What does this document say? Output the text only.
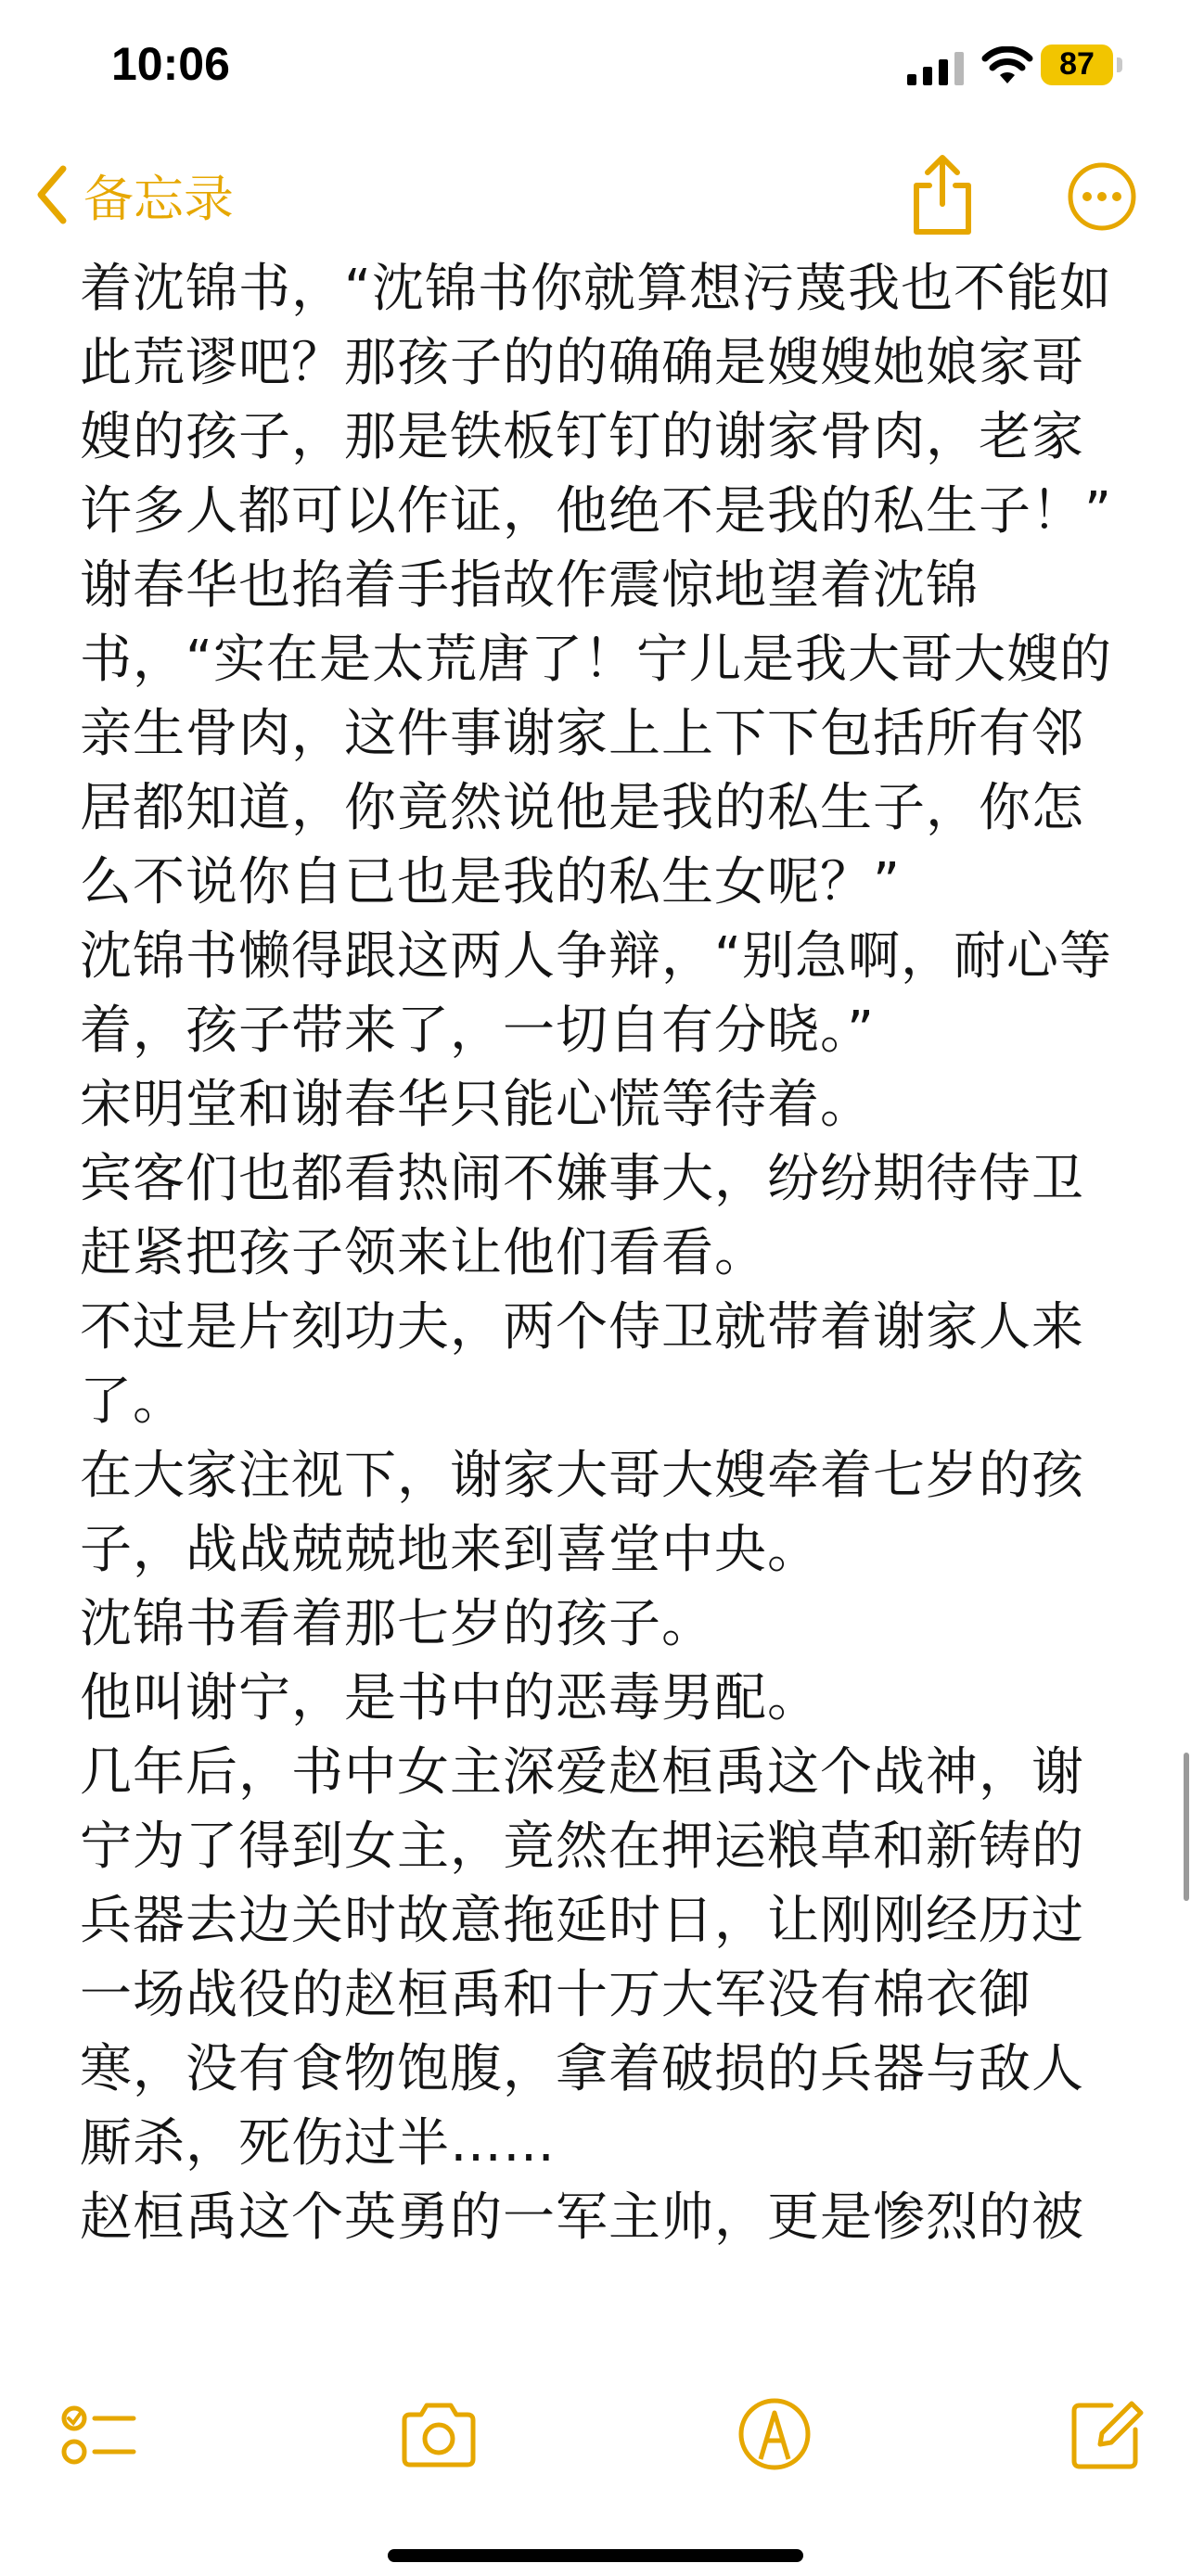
10:06	87
备忘录

着沈锦书，“沈锦书你就算想污蔑我也不能如此荒谬吧？那孩子的的确确是嫂嫂她娘家哥嫂的孩子，那是铁板钉钉的谢家骨肉，老家许多人都可以作证，他绝不是我的私生子！”

谢春华也掐着手指故作震惊地望着沈锦书，“实在是太荒唐了！宁儿是我大哥大嫂的亲生骨肉，这件事谢家上上下下包括所有邻居都知道，你竟然说他是我的私生子，你怎么不说你自已也是我的私生女呢？”

沈锦书懒得跟这两人争辩，“别急啊，耐心等着，孩子带来了，一切自有分晓。”

宋明堂和谢春华只能心慌等待着。

宾客们也都看热闹不嫌事大，纷纷期待侍卫赶紧把孩子领来让他们看看。

不过是片刻功夫，两个侍卫就带着谢家人来了。

在大家注视下，谢家大哥大嫂牵着七岁的孩子，战战兢兢地来到喜堂中央。

沈锦书看着那七岁的孩子。

他叫谢宁，是书中的恶毒男配。

几年后，书中女主深爱赵桓禹这个战神，谢宁为了得到女主，竟然在押运粮草和新铸的兵器去边关时故意拖延时日，让刚刚经历过一场战役的赵桓禹和十万大军没有棉衣御寒，没有食物饱腹，拿着破损的兵器与敌人厮杀，死伤过半……

赵桓禹这个英勇的一军主帅，更是惨烈的被
